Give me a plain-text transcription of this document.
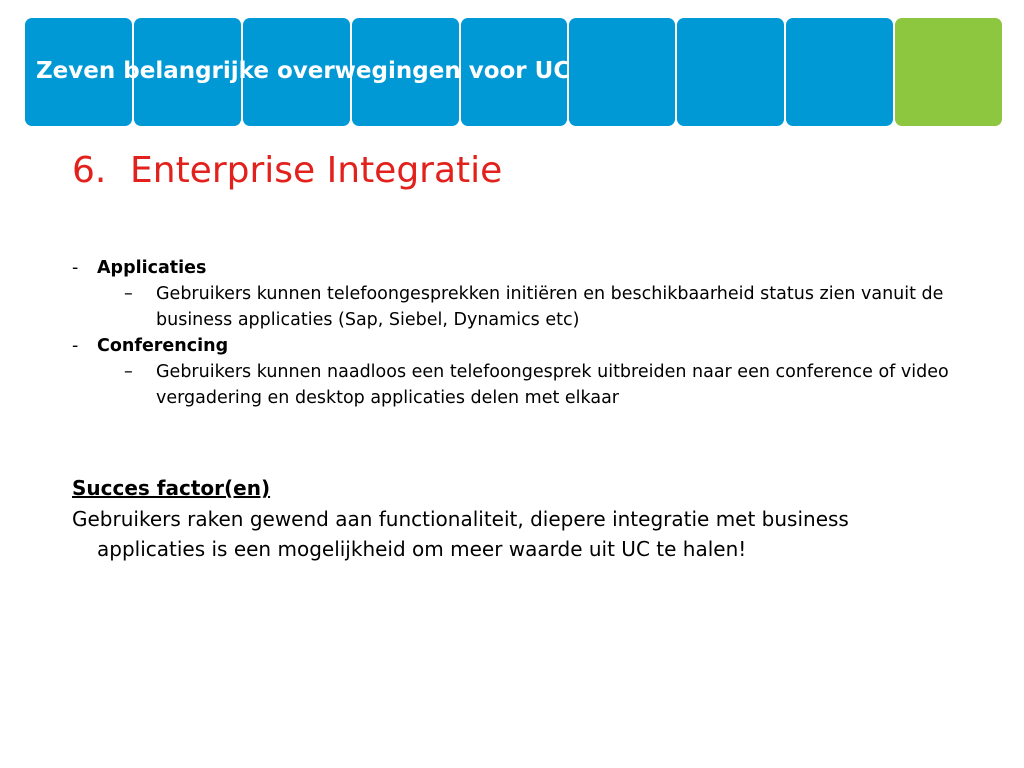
Zeven belangrijke overwegingen voor UC
6. Enterprise Integratie
- Applicaties
– Gebruikers kunnen telefoongesprekken initiëren en beschikbaarheid status zien vanuit de business applicaties (Sap, Siebel, Dynamics etc)
- Conferencing
– Gebruikers kunnen naadloos een telefoongesprek uitbreiden naar een conference of video vergadering en desktop applicaties delen met elkaar
Succes factor(en)
Gebruikers raken gewend aan functionaliteit, diepere integratie met business applicaties is een mogelijkheid om meer waarde uit UC te halen!
